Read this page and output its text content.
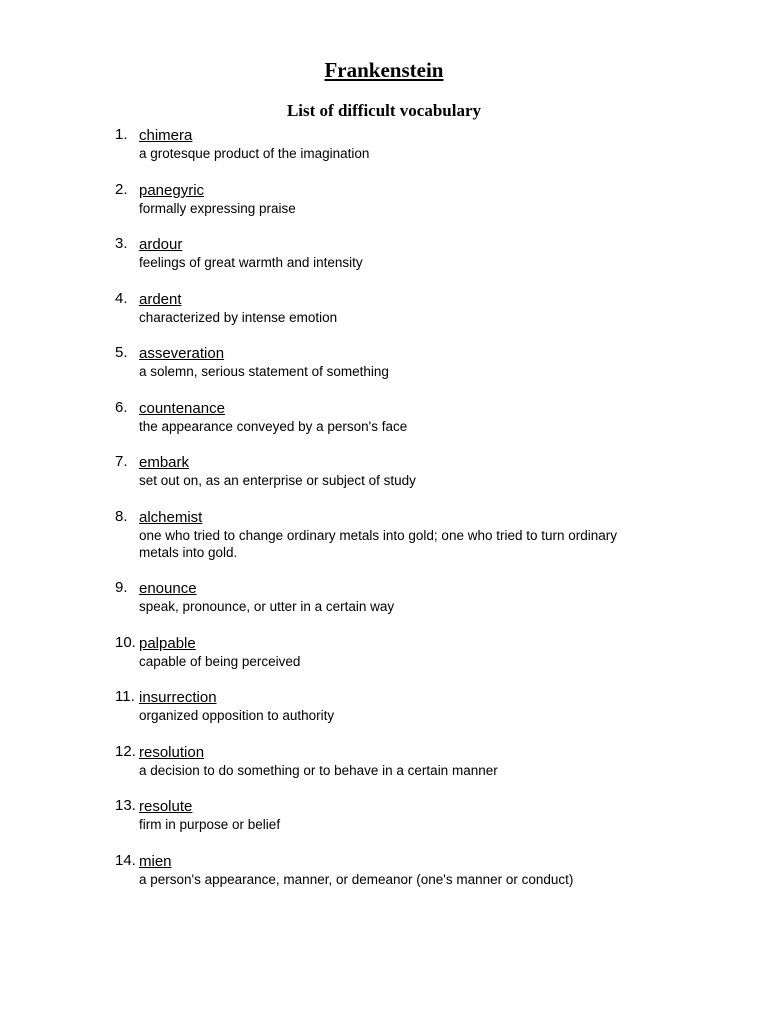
Frankenstein
List of difficult vocabulary
1. chimera
a grotesque product of the imagination
2. panegyric
formally expressing praise
3. ardour
feelings of great warmth and intensity
4. ardent
characterized by intense emotion
5. asseveration
a solemn, serious statement of something
6. countenance
the appearance conveyed by a person's face
7. embark
set out on, as an enterprise or subject of study
8. alchemist
one who tried to change ordinary metals into gold; one who tried to turn ordinary metals into gold.
9. enounce
speak, pronounce, or utter in a certain way
10. palpable
capable of being perceived
11. insurrection
organized opposition to authority
12. resolution
a decision to do something or to behave in a certain manner
13. resolute
firm in purpose or belief
14. mien
a person's appearance, manner, or demeanor (one's manner or conduct)
